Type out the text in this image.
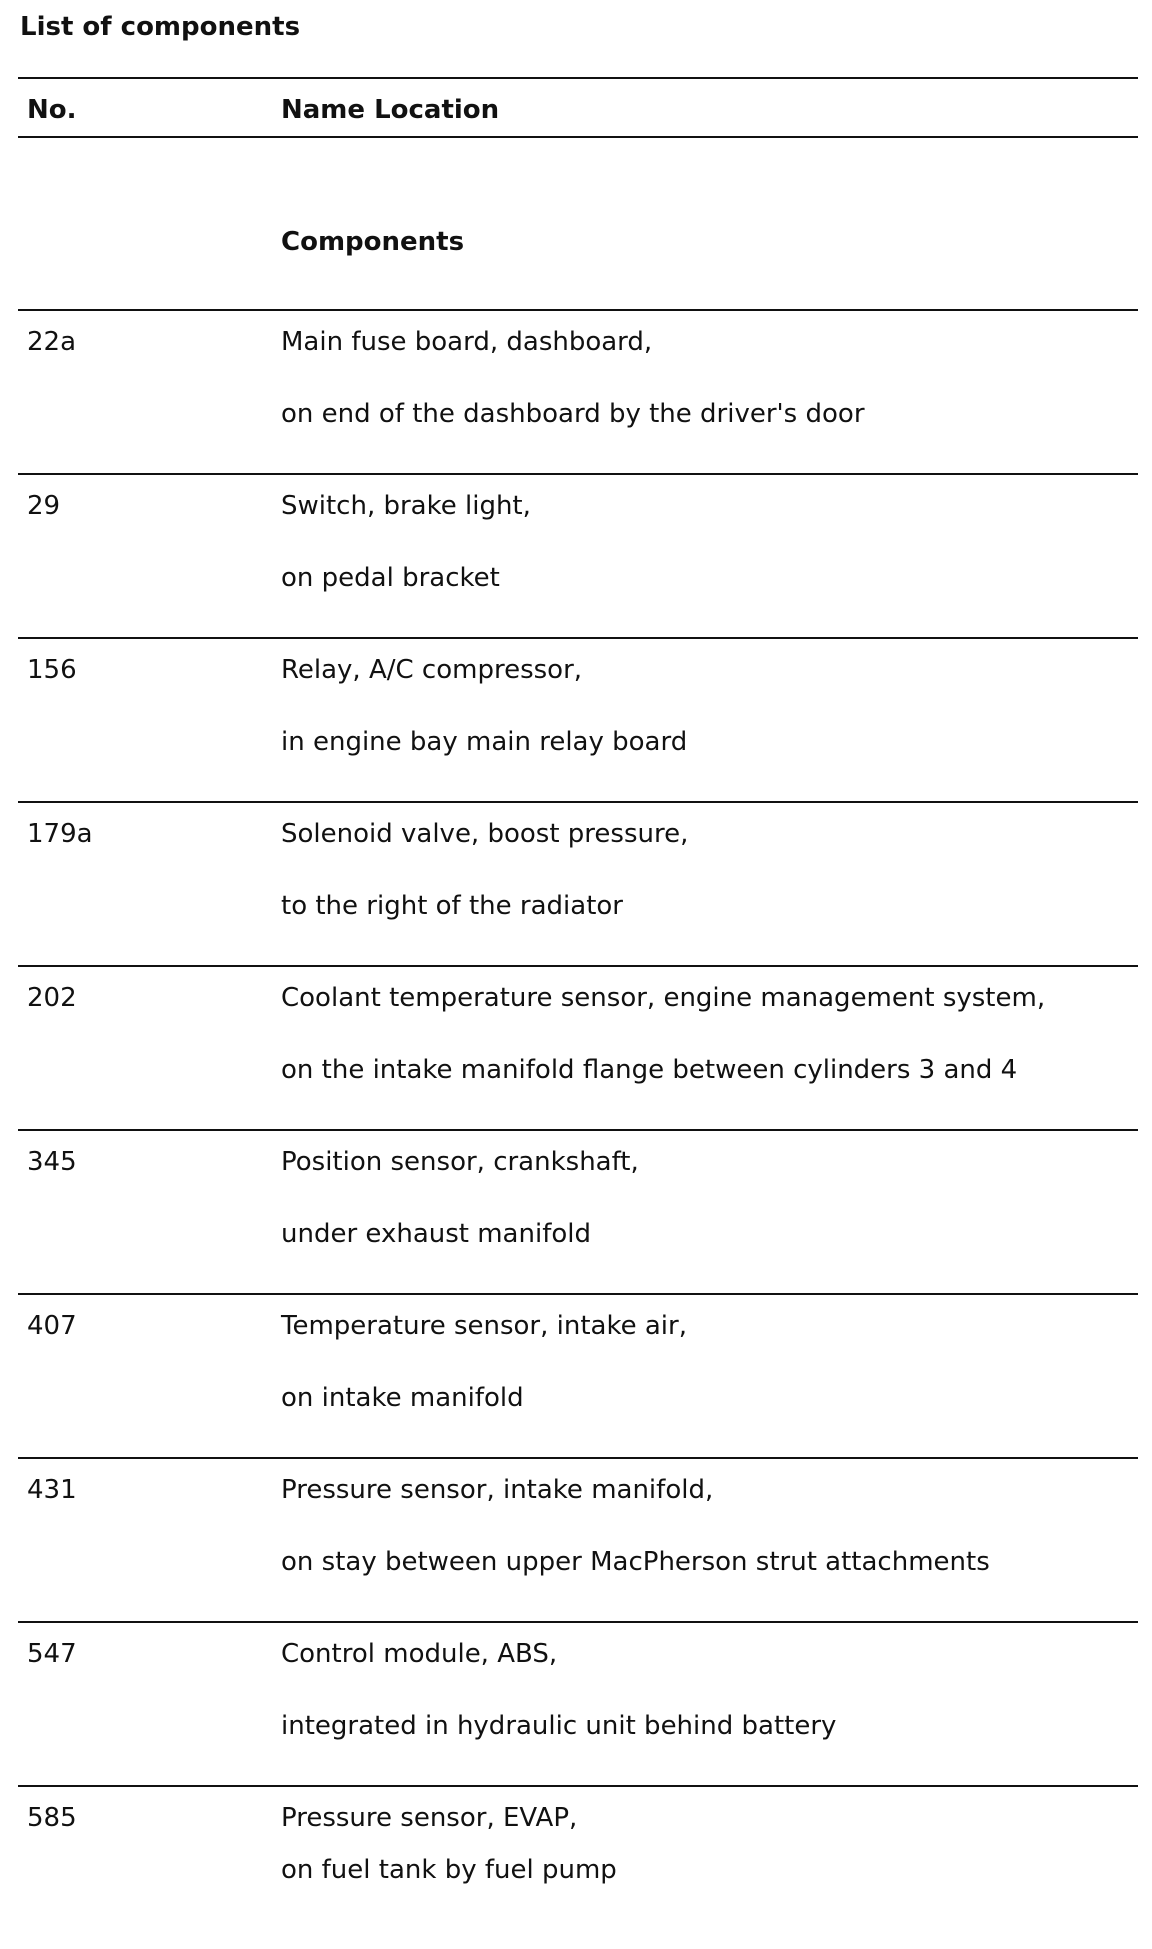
List of components
No.	Name Location
Components
22a	Main fuse board, dashboard,
on end of the dashboard by the driver's door
29	Switch, brake light,
on pedal bracket
156	Relay, A/C compressor,
in engine bay main relay board
179a	Solenoid valve, boost pressure,
to the right of the radiator
202	Coolant temperature sensor, engine management system,
on the intake manifold flange between cylinders 3 and 4
345	Position sensor, crankshaft,
under exhaust manifold
407	Temperature sensor, intake air,
on intake manifold
431	Pressure sensor, intake manifold,
on stay between upper MacPherson strut attachments
547	Control module, ABS,
integrated in hydraulic unit behind battery
585	Pressure sensor, EVAP,
on fuel tank by fuel pump
